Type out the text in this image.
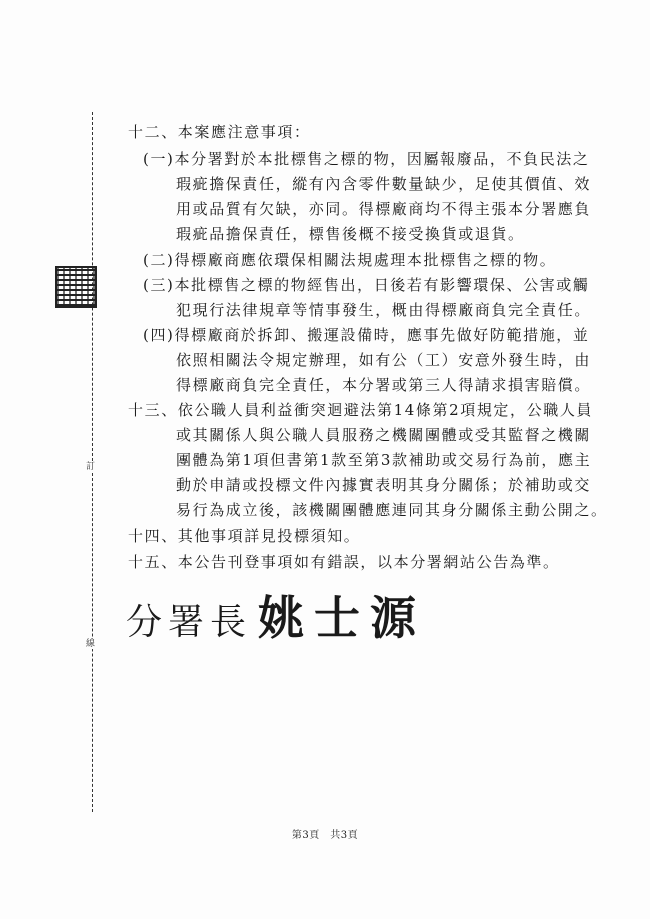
訂
線
十二、本案應注意事項：
(一)本分署對於本批標售之標的物，因屬報廢品，不負民法之
瑕疵擔保責任，縱有內含零件數量缺少，足使其價值、效
用或品質有欠缺，亦同。得標廠商均不得主張本分署應負
瑕疵品擔保責任，標售後概不接受換貨或退貨。
(二)得標廠商應依環保相關法規處理本批標售之標的物。
(三)本批標售之標的物經售出，日後若有影響環保、公害或觸
犯現行法律規章等情事發生，概由得標廠商負完全責任。
(四)得標廠商於拆卸、搬運設備時，應事先做好防範措施，並
依照相關法令規定辦理，如有公（工）安意外發生時，由
得標廠商負完全責任，本分署或第三人得請求損害賠償。
十三、依公職人員利益衝突迴避法第14條第2項規定，公職人員
或其關係人與公職人員服務之機關團體或受其監督之機關
團體為第1項但書第1款至第3款補助或交易行為前，應主
動於申請或投標文件內據實表明其身分關係；於補助或交
易行為成立後，該機關團體應連同其身分關係主動公開之。
十四、其他事項詳見投標須知。
十五、本公告刊登事項如有錯誤，以本分署網站公告為準。
分署長 姚士源
第3頁　共3頁
